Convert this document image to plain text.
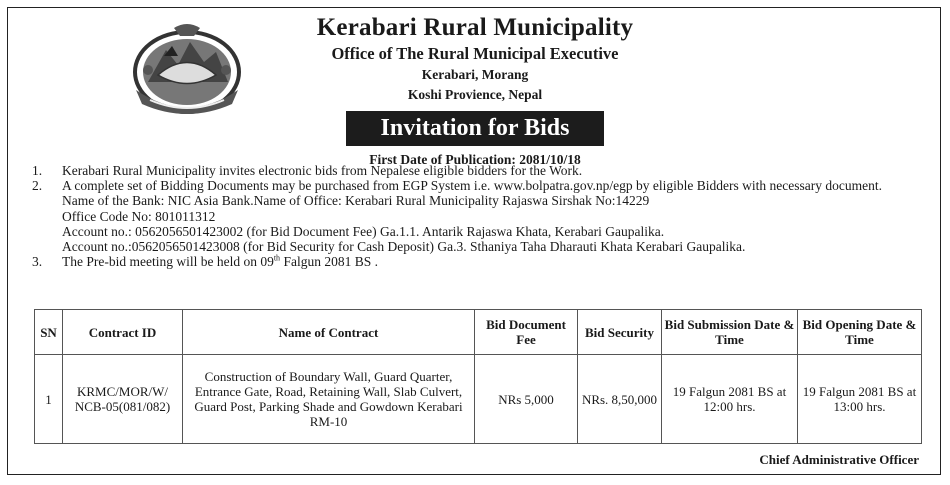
Kerabari Rural Municipality
Office of The Rural Municipal Executive
Kerabari, Morang
Koshi Provience, Nepal
Invitation for Bids
First Date of Publication: 2081/10/18
1.	Kerabari Rural Municipality invites electronic bids from Nepalese eligible bidders for the Work.
2.	A complete set of Bidding Documents may be purchased from EGP System i.e. www.bolpatra.gov.np/egp by eligible Bidders with necessary document.
Name of the Bank: NIC Asia Bank.Name of Office: Kerabari Rural Municipality Rajaswa Sirshak No:14229
Office Code No: 801011312
Account no.: 0562056501423002 (for Bid Document Fee) Ga.1.1. Antarik Rajaswa Khata, Kerabari Gaupalika.
Account no.:0562056501423008 (for Bid Security for Cash Deposit) Ga.3. Sthaniya Taha Dharauti Khata Kerabari Gaupalika.
3.	The Pre-bid meeting will be held on 09th Falgun 2081 BS .
SN	Contract ID	Name of Contract	Bid Document Fee	Bid Security	Bid Submission Date & Time	Bid Opening Date & Time
1	KRMC/MOR/W/ NCB-05(081/082)	Construction of Boundary Wall, Guard Quarter, Entrance Gate, Road, Retaining Wall, Slab Culvert, Guard Post, Parking Shade and Gowdown Kerabari RM-10	NRs 5,000	NRs. 8,50,000	19 Falgun 2081 BS at 12:00 hrs.	19 Falgun 2081 BS at 13:00 hrs.
Chief Administrative Officer
